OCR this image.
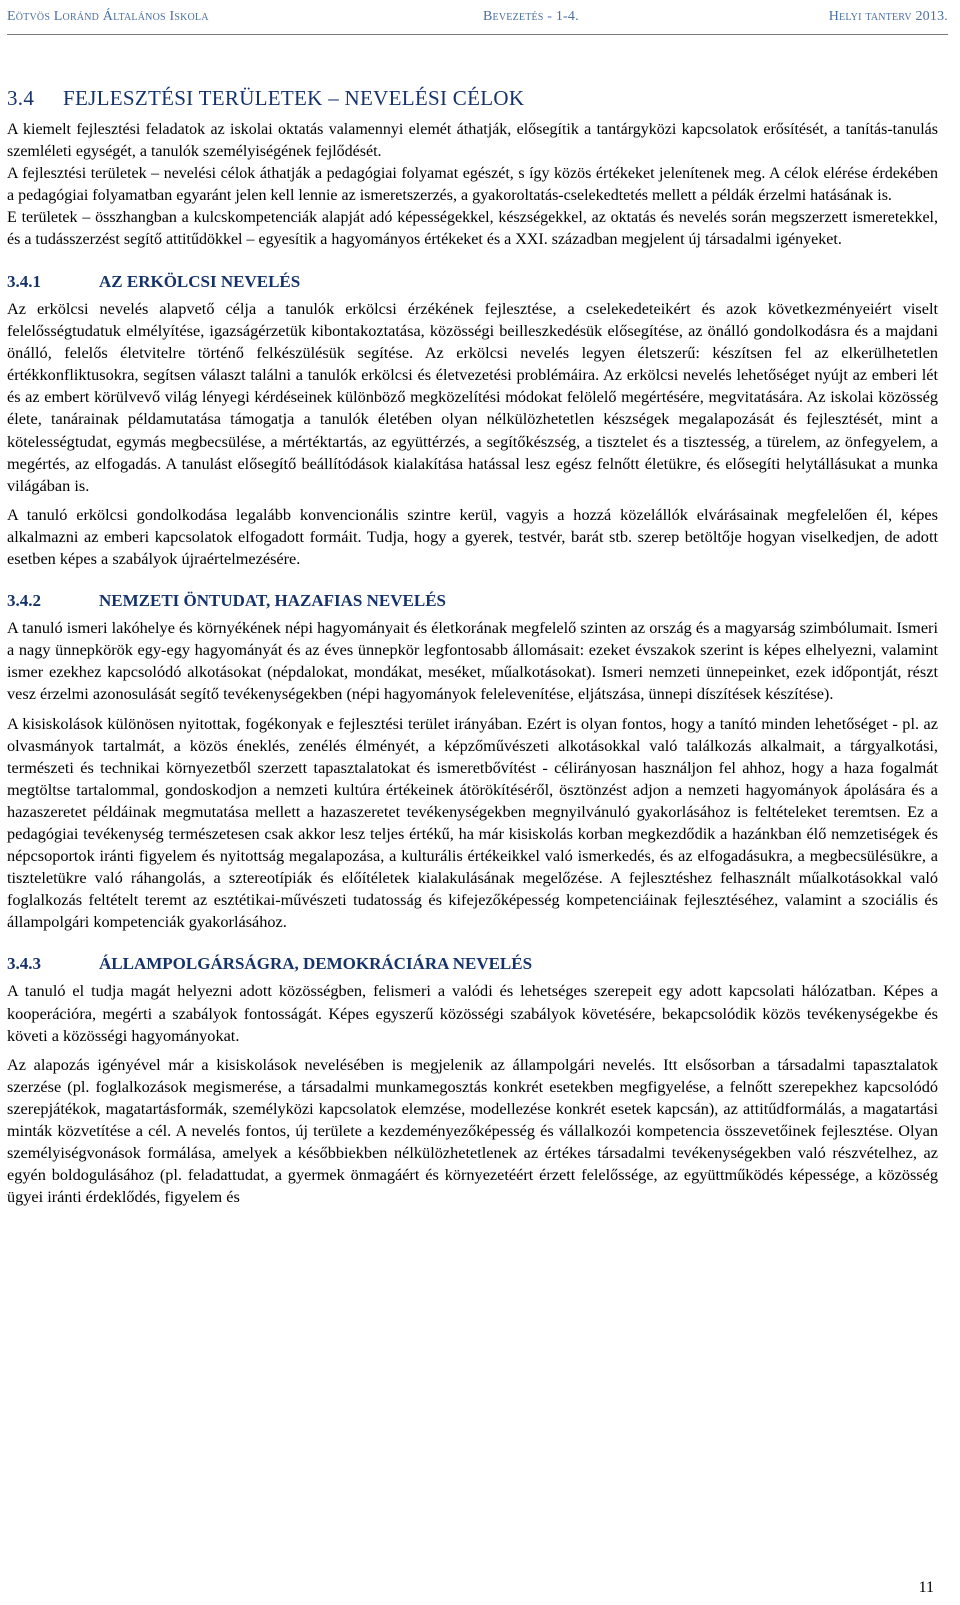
Eötvös Loránd Általános Iskola	Bevezetés - 1-4.	Helyi tanterv 2013.
3.4 FEJLESZTÉSI TERÜLETEK – NEVELÉSI CÉLOK

A kiemelt fejlesztési feladatok az iskolai oktatás valamennyi elemét áthatják, elősegítik a tantárgyközi kapcsolatok erősítését, a tanítás-tanulás szemléleti egységét, a tanulók személyiségének fejlődését.

A fejlesztési területek – nevelési célok áthatják a pedagógiai folyamat egészét, s így közös értékeket jelenítenek meg. A célok elérése érdekében a pedagógiai folyamatban egyaránt jelen kell lennie az ismeretszerzés, a gyakoroltatás-cselekedtetés mellett a példák érzelmi hatásának is.

E területek – összhangban a kulcskompetenciák alapját adó képességekkel, készségekkel, az oktatás és nevelés során megszerzett ismeretekkel, és a tudásszerzést segítő attitűdökkel – egyesítik a hagyományos értékeket és a XXI. században megjelent új társadalmi igényeket.

3.4.1	AZ ERKÖLCSI NEVELÉS

Az erkölcsi nevelés alapvető célja a tanulók erkölcsi érzékének fejlesztése, a cselekedeteikért és azok következményeiért viselt felelősségtudatuk elmélyítése, igazságérzetük kibontakoztatása, közösségi beilleszkedésük elősegítése, az önálló gondolkodásra és a majdani önálló, felelős életvitelre történő felkészülésük segítése. Az erkölcsi nevelés legyen életszerű: készítsen fel az elkerülhetetlen értékkonfliktusokra, segítsen választ találni a tanulók erkölcsi és életvezetési problémáira. Az erkölcsi nevelés lehetőséget nyújt az emberi lét és az embert körülvevő világ lényegi kérdéseinek különböző megközelítési módokat felölelő megértésére, megvitatására. Az iskolai közösség élete, tanárainak példamutatása támogatja a tanulók életében olyan nélkülözhetetlen készségek megalapozását és fejlesztését, mint a kötelességtudat, egymás megbecsülése, a mértéktartás, az együttérzés, a segítőkészség, a tisztelet és a tisztesség, a türelem, az önfegyelem, a megértés, az elfogadás. A tanulást elősegítő beállítódások kialakítása hatással lesz egész felnőtt életükre, és elősegíti helytállásukat a munka világában is.

A tanuló erkölcsi gondolkodása legalább konvencionális szintre kerül, vagyis a hozzá közelállók elvárásainak megfelelően él, képes alkalmazni az emberi kapcsolatok elfogadott formáit. Tudja, hogy a gyerek, testvér, barát stb. szerep betöltője hogyan viselkedjen, de adott esetben képes a szabályok újraértelmezésére.

3.4.2	NEMZETI ÖNTUDAT, HAZAFIAS NEVELÉS

A tanuló ismeri lakóhelye és környékének népi hagyományait és életkorának megfelelő szinten az ország és a magyarság szimbólumait. Ismeri a nagy ünnepkörök egy-egy hagyományát és az éves ünnepkör legfontosabb állomásait: ezeket évszakok szerint is képes elhelyezni, valamint ismer ezekhez kapcsolódó alkotásokat (népdalokat, mondákat, meséket, műalkotásokat). Ismeri nemzeti ünnepeinket, ezek időpontját, részt vesz érzelmi azonosulását segítő tevékenységekben (népi hagyományok felelevenítése, eljátszása, ünnepi díszítések készítése).

A kisiskolások különösen nyitottak, fogékonyak e fejlesztési terület irányában. Ezért is olyan fontos, hogy a tanító minden lehetőséget - pl. az olvasmányok tartalmát, a közös éneklés, zenélés élményét, a képzőművészeti alkotásokkal való találkozás alkalmait, a tárgyalkotási, természeti és technikai környezetből szerzett tapasztalatokat és ismeretbővítést - célirányosan használjon fel ahhoz, hogy a haza fogalmát megtöltse tartalommal, gondoskodjon a nemzeti kultúra értékeinek átörökítéséről, ösztönzést adjon a nemzeti hagyományok ápolására és a hazaszeretet példáinak megmutatása mellett a hazaszeretet tevékenységekben megnyilvánuló gyakorlásához is feltételeket teremtsen. Ez a pedagógiai tevékenység természetesen csak akkor lesz teljes értékű, ha már kisiskolás korban megkezdődik a hazánkban élő nemzetiségek és népcsoportok iránti figyelem és nyitottság megalapozása, a kulturális értékeikkel való ismerkedés, és az elfogadásukra, a megbecsülésükre, a tiszteletükre való ráhangolás, a sztereotípiák és előítéletek kialakulásának megelőzése. A fejlesztéshez felhasznált műalkotásokkal való foglalkozás feltételt teremt az esztétikai-művészeti tudatosság és kifejezőképesség kompetenciáinak fejlesztéséhez, valamint a szociális és állampolgári kompetenciák gyakorlásához.

3.4.3	ÁLLAMPOLGÁRSÁGRA, DEMOKRÁCIÁRA NEVELÉS

A tanuló el tudja magát helyezni adott közösségben, felismeri a valódi és lehetséges szerepeit egy adott kapcsolati hálózatban. Képes a kooperációra, megérti a szabályok fontosságát. Képes egyszerű közösségi szabályok követésére, bekapcsolódik közös tevékenységekbe és követi a közösségi hagyományokat.

Az alapozás igényével már a kisiskolások nevelésében is megjelenik az állampolgári nevelés. Itt elsősorban a társadalmi tapasztalatok szerzése (pl. foglalkozások megismerése, a társadalmi munkamegosztás konkrét esetekben megfigyelése, a felnőtt szerepekhez kapcsolódó szerepjátékok, magatartásformák, személyközi kapcsolatok elemzése, modellezése konkrét esetek kapcsán), az attitűdformálás, a magatartási minták közvetítése a cél. A nevelés fontos, új területe a kezdeményezőképesség és vállalkozói kompetencia összevetőinek fejlesztése. Olyan személyiségvonások formálása, amelyek a későbbiekben nélkülözhetetlenek az értékes társadalmi tevékenységekben való részvételhez, az egyén boldogulásához (pl. feladattudat, a gyermek önmagáért és környezetéért érzett felelőssége, az együttműködés képessége, a közösség ügyei iránti érdeklődés, figyelem és

11
